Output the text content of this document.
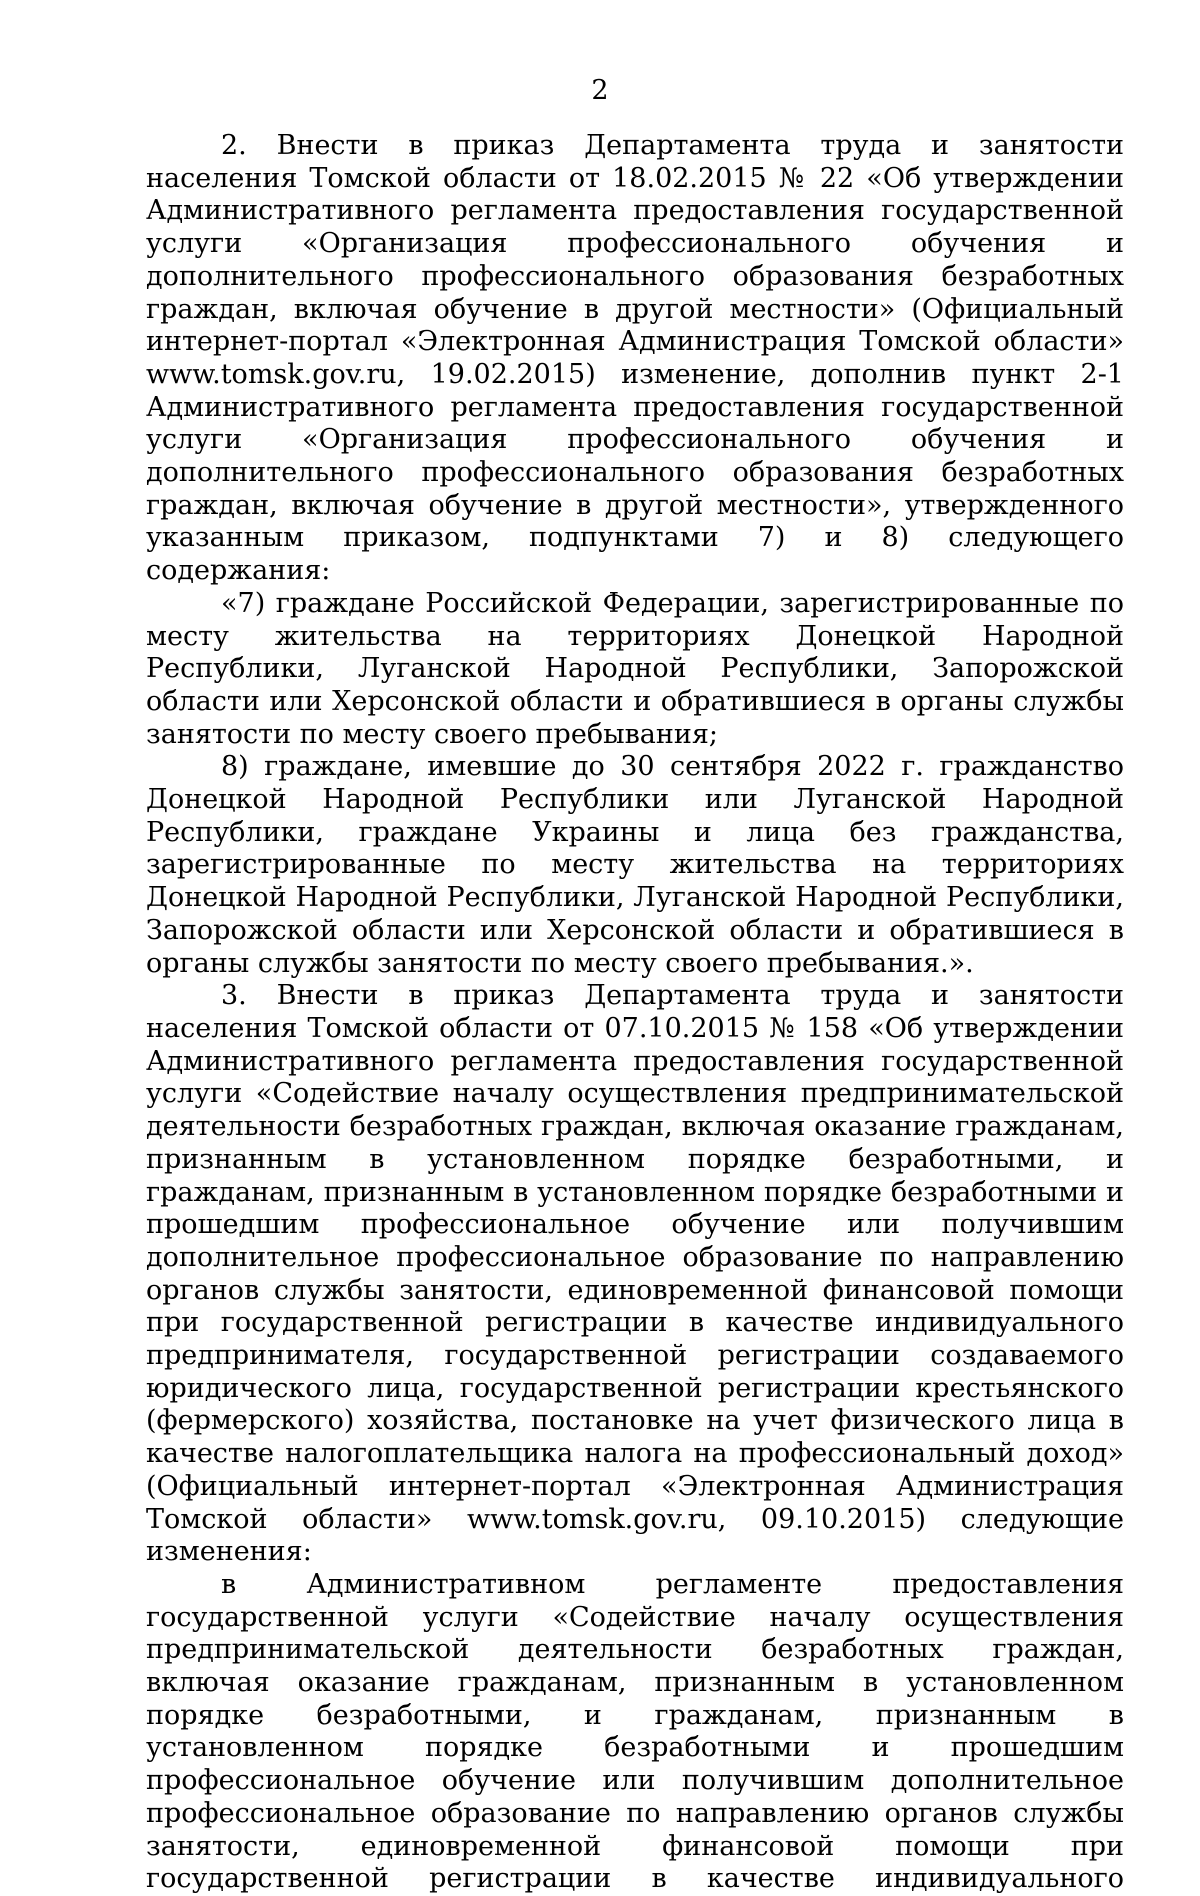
2

2. Внести в приказ Департамента труда и занятости населения Томской области от 18.02.2015 № 22 «Об утверждении Административного регламента предоставления государственной услуги «Организация профессионального обучения и дополнительного профессионального образования безработных граждан, включая обучение в другой местности» (Официальный интернет-портал «Электронная Администрация Томской области» www.tomsk.gov.ru, 19.02.2015) изменение, дополнив пункт 2-1 Административного регламента предоставления государственной услуги «Организация профессионального обучения и дополнительного профессионального образования безработных граждан, включая обучение в другой местности», утвержденного указанным приказом, подпунктами 7) и 8) следующего содержания:

«7) граждане Российской Федерации, зарегистрированные по месту жительства на территориях Донецкой Народной Республики, Луганской Народной Республики, Запорожской области или Херсонской области и обратившиеся в органы службы занятости по месту своего пребывания;

8) граждане, имевшие до 30 сентября 2022 г. гражданство Донецкой Народной Республики или Луганской Народной Республики, граждане Украины и лица без гражданства, зарегистрированные по месту жительства на территориях Донецкой Народной Республики, Луганской Народной Республики, Запорожской области или Херсонской области и обратившиеся в органы службы занятости по месту своего пребывания.».

3. Внести в приказ Департамента труда и занятости населения Томской области от 07.10.2015 № 158 «Об утверждении Административного регламента предоставления государственной услуги «Содействие началу осуществления предпринимательской деятельности безработных граждан, включая оказание гражданам, признанным в установленном порядке безработными, и гражданам, признанным в установленном порядке безработными и прошедшим профессиональное обучение или получившим дополнительное профессиональное образование по направлению органов службы занятости, единовременной финансовой помощи при государственной регистрации в качестве индивидуального предпринимателя, государственной регистрации создаваемого юридического лица, государственной регистрации крестьянского (фермерского) хозяйства, постановке на учет физического лица в качестве налогоплательщика налога на профессиональный доход» (Официальный интернет-портал «Электронная Администрация Томской области» www.tomsk.gov.ru, 09.10.2015) следующие изменения:

в Административном регламенте предоставления государственной услуги «Содействие началу осуществления предпринимательской деятельности безработных граждан, включая оказание гражданам, признанным в установленном порядке безработными, и гражданам, признанным в установленном порядке безработными и прошедшим профессиональное обучение или получившим дополнительное профессиональное образование по направлению органов службы занятости, единовременной финансовой помощи при государственной регистрации в качестве индивидуального
